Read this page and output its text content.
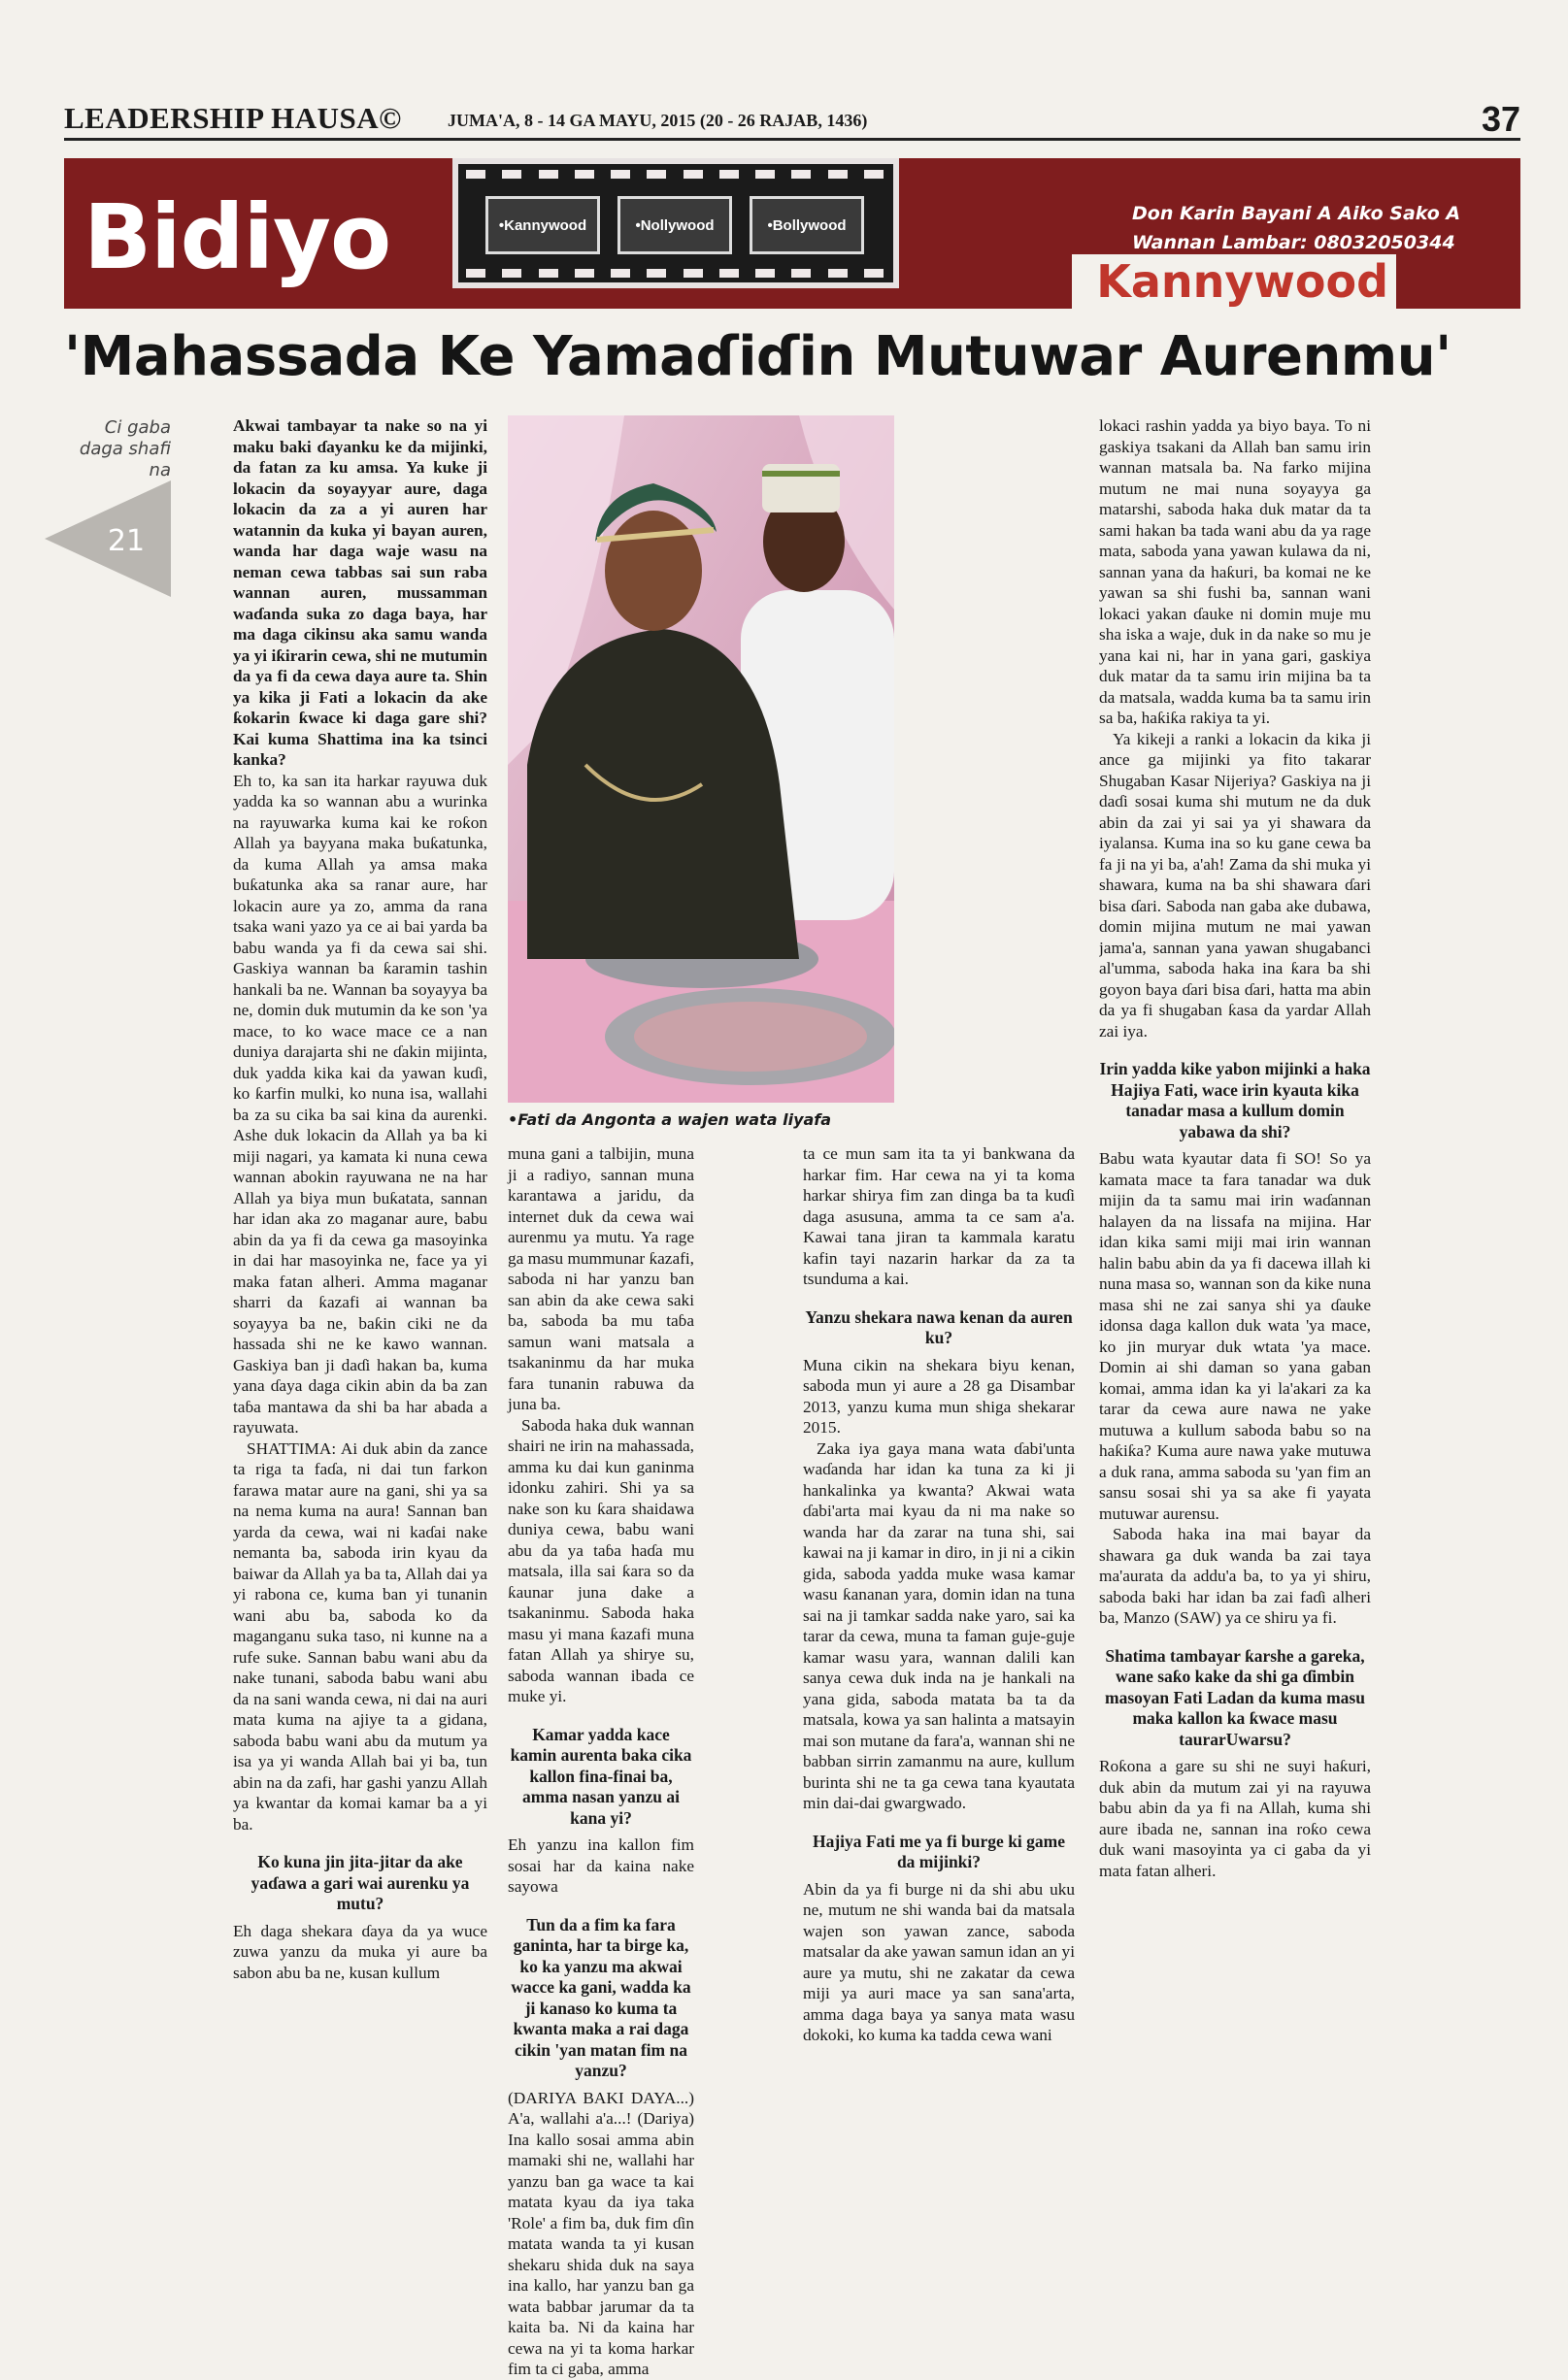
LEADERSHIP HAUSA©	JUMA'A, 8 - 14 GA MAYU, 2015 (20 - 26 RAJAB, 1436)	37
Bidiyo	•Kannywood	•Nollywood	•Bollywood
Don Karin Bayani A Aiko Sako A
Wannan Lambar: 08032050344
Kannywood
'Mahassada Ke Yamaɗiɗin Mutuwar Aurenmu'
Ci gaba daga shafi na
21

Akwai tambayar ta nake so na yi maku baki ɗayanku ke da mijinki, da fatan za ku amsa. Ya kuke ji lokacin da soyayyar aure, daga lokacin da za a yi auren har watannin da kuka yi bayan auren, wanda har daga waje wasu na neman cewa tabbas sai sun raba wannan auren, mussamman waɗanda suka zo daga baya, har ma daga cikinsu aka samu wanda ya yi iƙirarin cewa, shi ne mutumin da ya fi da cewa daya aure ta. Shin ya kika ji Fati a lokacin da ake ƙokarin ƙwace ki daga gare shi? Kai kuma Shattima ina ka tsinci kanka?

Eh to, ka san ita harkar rayuwa duk yadda ka so wannan abu a wurinka na rayuwarka kuma kai ke roƙon Allah ya bayyana maka buƙatunka, da kuma Allah ya amsa maka buƙatunka aka sa ranar aure, har lokacin aure ya zo, amma da rana tsaka wani yazo ya ce ai bai yarda ba babu wanda ya fi da cewa sai shi. Gaskiya wannan ba ƙaramin tashin hankali ba ne. Wannan ba soyayya ba ne, domin duk mutumin da ke son 'ya mace, to ko wace mace ce a nan duniya darajarta shi ne ɗakin mijinta, duk yadda kika kai da yawan kuɗi, ko ƙarfin mulki, ko nuna isa, wallahi ba za su cika ba sai kina da aurenki. Ashe duk lokacin da Allah ya ba ki miji nagari, ya kamata ki nuna cewa wannan abokin rayuwana ne na har Allah ya biya mun buƙatata, sannan har idan aka zo maganar aure, babu abin da ya fi da cewa ga masoyinka in dai har masoyinka ne, face ya yi maka fatan alheri. Amma maganar sharri da ƙazafi ai wannan ba soyayya ba ne, baƙin ciki ne da hassada shi ne ke kawo wannan. Gaskiya ban ji daɗi hakan ba, kuma yana ɗaya daga cikin abin da ba zan taɓa mantawa da shi ba har abada a rayuwata.

SHATTIMA: Ai duk abin da zance ta riga ta faɗa, ni dai tun farkon farawa matar aure na gani, shi ya sa na nema kuma na aura! Sannan ban yarda da cewa, wai ni kaɗai nake nemanta ba, saboda irin kyau da baiwar da Allah ya ba ta, Allah dai ya yi rabona ce, kuma ban yi tunanin wani abu ba, saboda ko da maganganu suka taso, ni kunne na a rufe suke. Sannan babu wani abu da nake tunani, saboda babu wani abu da na sani wanda cewa, ni dai na auri mata kuma na ajiye ta a gidana, saboda babu wani abu da mutum ya isa ya yi wanda Allah bai yi ba, tun abin na da zafi, har gashi yanzu Allah ya kwantar da komai kamar ba a yi ba.

Ko kuna jin jita-jitar da ake yaɗawa a gari wai aurenku ya mutu?

Eh daga shekara ɗaya da ya wuce zuwa yanzu da muka yi aure ba sabon abu ba ne, kusan kullum

•Fati da Angonta a wajen wata liyafa

muna gani a talbijin, muna ji a radiyo, sannan muna karantawa a jaridu, da internet duk da cewa wai aurenmu ya mutu. Ya rage ga masu mummunar ƙazafi, saboda ni har yanzu ban san abin da ake cewa saki ba, saboda ba mu taɓa samun wani matsala a tsakaninmu da har muka fara tunanin rabuwa da juna ba.

Saboda haka duk wannan shairi ne irin na mahassada, amma ku dai kun ganinma idonku zahiri. Shi ya sa nake son ku ƙara shaidawa duniya cewa, babu wani abu da ya taɓa haɗa mu matsala, illa sai ƙara so da ƙaunar juna dake a tsakaninmu. Saboda haka masu yi mana ƙazafi muna fatan Allah ya shirye su, saboda wannan ibada ce muke yi.

Kamar yadda kace kamin aurenta baka cika kallon fina-finai ba, amma nasan yanzu ai kana yi?

Eh yanzu ina kallon fim sosai har da kaina nake sayowa

Tun da a fim ka fara ganinta, har ta birge ka, ko ka yanzu ma akwai wacce ka gani, wadda ka ji kanaso ko kuma ta kwanta maka a rai daga cikin 'yan matan fim na yanzu?

(DARIYA BAKI DAYA...) A'a, wallahi a'a...! (Dariya) Ina kallo sosai amma abin mamaki shi ne, wallahi har yanzu ban ga wace ta kai matata kyau da iya taka 'Role' a fim ba, duk fim ɗin matata wanda ta yi kusan shekaru shida duk na saya ina kallo, har yanzu ban ga wata babbar jarumar da ta kaita ba. Ni da kaina har cewa na yi ta koma harkar fim ta ci gaba, amma

ta ce mun sam ita ta yi bankwana da harkar fim. Har cewa na yi ta koma harkar shirya fim zan dinga ba ta kuɗi daga asusuna, amma ta ce sam a'a. Kawai tana jiran ta kammala karatu kafin tayi nazarin harkar da za ta tsunduma a kai.

Yanzu shekara nawa kenan da auren ku?

Muna cikin na shekara biyu kenan, saboda mun yi aure a 28 ga Disambar 2013, yanzu kuma mun shiga shekarar 2015.

Zaka iya gaya mana wata ɗabi'unta waɗanda har idan ka tuna za ki ji hankalinka ya kwanta? Akwai wata ɗabi'arta mai kyau da ni ma nake so wanda har da zarar na tuna shi, sai kawai na ji kamar in diro, in ji ni a cikin gida, saboda yadda muke wasa kamar wasu ƙananan yara, domin idan na tuna sai na ji tamkar sadda nake yaro, sai ka tarar da cewa, muna ta faman guje-guje kamar wasu yara, wannan dalili kan sanya cewa duk inda na je hankali na yana gida, saboda matata ba ta da matsala, kowa ya san halinta a matsayin mai son mutane da fara'a, wannan shi ne babban sirrin zamanmu na aure, kullum burinta shi ne ta ga cewa tana kyautata min dai-dai gwargwado.

Hajiya Fati me ya fi burge ki game da mijinki?

Abin da ya fi burge ni da shi abu uku ne, mutum ne shi wanda bai da matsala wajen son yawan zance, saboda matsalar da ake yawan samun idan an yi aure ya mutu, shi ne zakatar da cewa miji ya auri mace ya san sana'arta, amma daga baya ya sanya mata wasu dokoki, ko kuma ka tadda cewa wani

lokaci rashin yadda ya biyo baya. To ni gaskiya tsakani da Allah ban samu irin wannan matsala ba. Na farko mijina mutum ne mai nuna soyayya ga matarshi, saboda haka duk matar da ta sami hakan ba tada wani abu da ya rage mata, saboda yana yawan kulawa da ni, sannan yana da haƙuri, ba komai ne ke yawan sa shi fushi ba, sannan wani lokaci yakan ɗauke ni domin muje mu sha iska a waje, duk in da nake so mu je yana kai ni, har in yana gari, gaskiya duk matar da ta samu irin mijina ba ta da matsala, wadda kuma ba ta samu irin sa ba, haƙiƙa rakiya ta yi.

Ya kikeji a ranki a lokacin da kika ji ance ga mijinki ya fito takarar Shugaban Kasar Nijeriya? Gaskiya na ji daɗi sosai kuma shi mutum ne da duk abin da zai yi sai ya yi shawara da iyalansa. Kuma ina so ku gane cewa ba fa ji na yi ba, a'ah! Zama da shi muka yi shawara, kuma na ba shi shawara ɗari bisa ɗari. Saboda nan gaba ake dubawa, domin mijina mutum ne mai yawan jama'a, sannan yana yawan shugabanci al'umma, saboda haka ina ƙara ba shi goyon baya ɗari bisa ɗari, hatta ma abin da ya fi shugaban ƙasa da yardar Allah zai iya.

Irin yadda kike yabon mijinki a haka Hajiya Fati, wace irin kyauta kika tanadar masa a kullum domin yabawa da shi?

Babu wata kyautar data fi SO! So ya kamata mace ta fara tanadar wa duk mijin da ta samu mai irin waɗannan halayen da na lissafa na mijina. Har idan kika sami miji mai irin wannan halin babu abin da ya fi dacewa illah ki nuna masa so, wannan son da kike nuna masa shi ne zai sanya shi ya ɗauke idonsa daga kallon duk wata 'ya mace, ko jin muryar duk wtata 'ya mace. Domin ai shi daman so yana gaban komai, amma idan ka yi la'akari za ka tarar da cewa aure nawa ne yake mutuwa a kullum saboda babu so na haƙiƙa? Kuma aure nawa yake mutuwa a duk rana, amma saboda su 'yan fim an sansu sosai shi ya sa ake fi yayata mutuwar aurensu.

Saboda haka ina mai bayar da shawara ga duk wanda ba zai taya ma'aurata da addu'a ba, to ya yi shiru, saboda baki har idan ba zai faɗi alheri ba, Manzo (SAW) ya ce shiru ya fi.

Shatima tambayar ƙarshe a gareka, wane saƙo kake da shi ga ɗimbin masoyan Fati Ladan da kuma masu maka kallon ka ƙwace masu taurarUwarsu?

Roƙona a gare su shi ne suyi haƙuri, duk abin da mutum zai yi na rayuwa babu abin da ya fi na Allah, kuma shi aure ibada ne, sannan ina roƙo cewa duk wani masoyinta ya ci gaba da yi mata fatan alheri.
